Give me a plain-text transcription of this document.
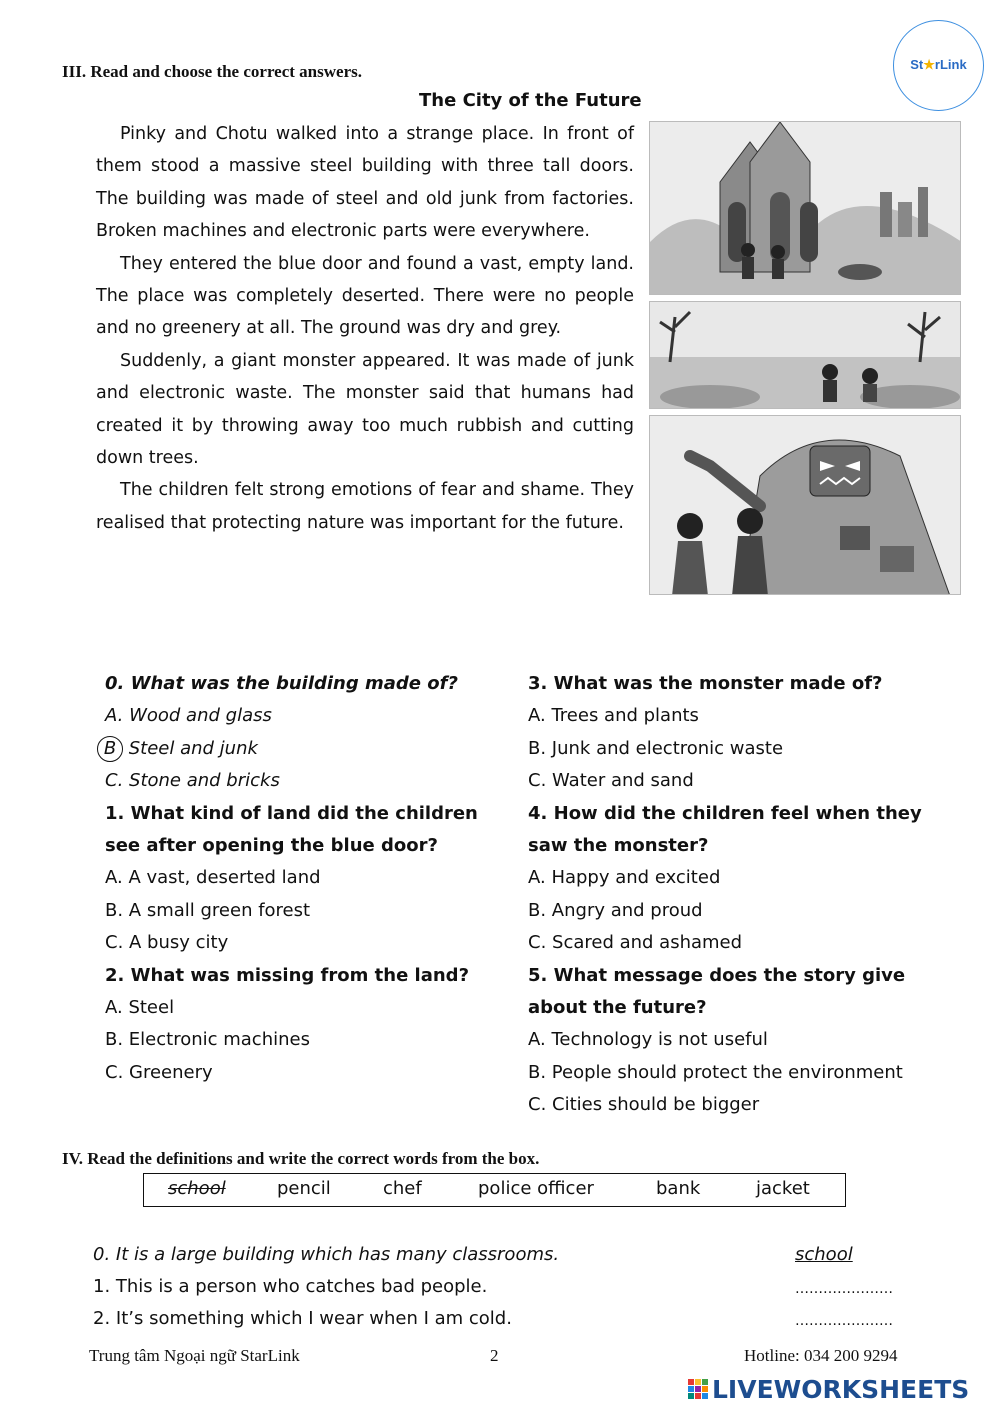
St★rLink
III. Read and choose the correct answers.
The City of the Future

Pinky and Chotu walked into a strange place. In front of them stood a massive steel building with three tall doors. The building was made of steel and old junk from factories. Broken machines and electronic parts were everywhere.

They entered the blue door and found a vast, empty land. The place was completely deserted. There were no people and no greenery at all. The ground was dry and grey.

Suddenly, a giant monster appeared. It was made of junk and electronic waste. The monster said that humans had created it by throwing away too much rubbish and cutting down trees.

The children felt strong emotions of fear and shame. They realised that protecting nature was important for the future.

0. What was the building made of?
A. Wood and glass
B Steel and junk
C. Stone and bricks
1. What kind of land did the children see after opening the blue door?
A. A vast, deserted land
B. A small green forest
C. A busy city
2. What was missing from the land?
A. Steel
B. Electronic machines
C. Greenery
3. What was the monster made of?
A. Trees and plants
B. Junk and electronic waste
C. Water and sand
4. How did the children feel when they saw the monster?
A. Happy and excited
B. Angry and proud
C. Scared and ashamed
5. What message does the story give about the future?
A. Technology is not useful
B. People should protect the environment
C. Cities should be bigger
IV. Read the definitions and write the correct words from the box.
school	pencil	chef	police officer	bank	jacket
0. It is a large building which has many classrooms.	school
1. This is a person who catches bad people.	…………………
2. It’s something which I wear when I am cold.	…………………
Trung tâm Ngoại ngữ StarLink	2	Hotline: 034 200 9294
LIVEWORKSHEETS
